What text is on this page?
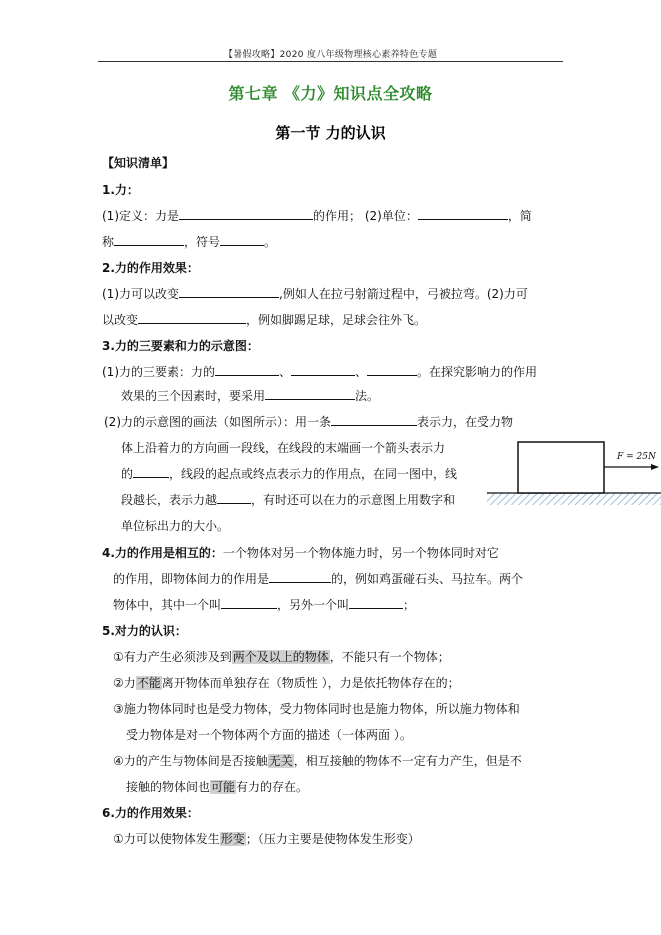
【暑假攻略】2020 度八年级物理核心素养特色专题
第七章 《力》知识点全攻略
第一节 力的认识
【知识清单】
1.力：
(1)定义：力是	的作用； (2)单位：	，简
称	，符号	。
2.力的作用效果：
(1)力可以改变	,例如人在拉弓射箭过程中，弓被拉弯。(2)力可
以改变	，例如脚踢足球，足球会往外飞。
3.力的三要素和力的示意图：
(1)力的三要素：力的	、	、	。在探究影响力的作用
效果的三个因素时，要采用	法。
(2)力的示意图的画法（如图所示）：用一条	表示力，在受力物
体上沿着力的方向画一段线，在线段的末端画一个箭头表示力
的	，线段的起点或终点表示力的作用点，在同一图中，线
段越长，表示力越	，有时还可以在力的示意图上用数字和
单位标出力的大小。
F = 25N
4.力的作用是相互的：一个物体对另一个物体施力时，另一个物体同时对它
的作用，即物体间力的作用是	的，例如鸡蛋碰石头、马拉车。两个
物体中，其中一个叫	，另外一个叫	；
5.对力的认识：
①有力产生必须涉及到两个及以上的物体，不能只有一个物体；
②力不能离开物体而单独存在（物质性 ），力是依托物体存在的；
③施力物体同时也是受力物体，受力物体同时也是施力物体，所以施力物体和
受力物体是对一个物体两个方面的描述（一体两面 ）。
④力的产生与物体间是否接触无关，相互接触的物体不一定有力产生，但是不
接触的物体间也可能有力的存在。
6.力的作用效果：
①力可以使物体发生形变；（压力主要是使物体发生形变）
